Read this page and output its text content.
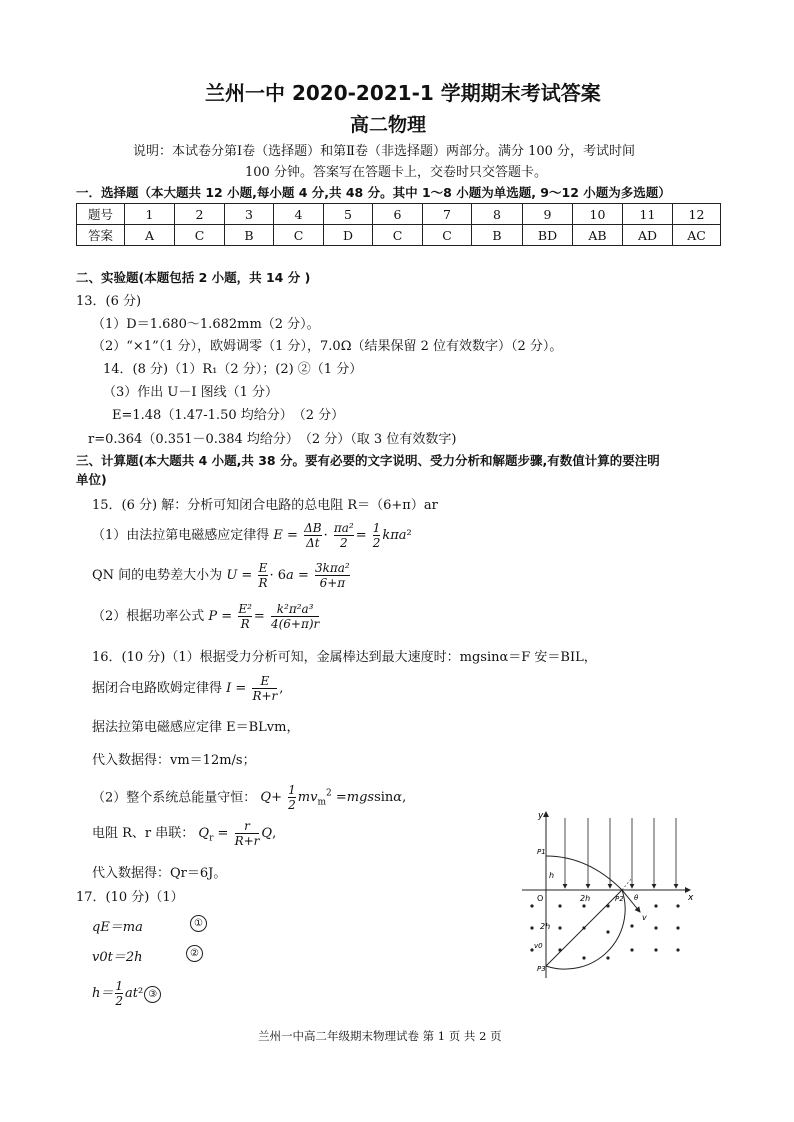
兰州一中 2020-2021-1 学期期末考试答案
高二物理
说明：本试卷分第Ⅰ卷（选择题）和第Ⅱ卷（非选择题）两部分。满分 100 分，考试时间
100 分钟。答案写在答题卡上，交卷时只交答题卡。
一．选择题（本大题共 12 小题,每小题 4 分,共 48 分。其中 1～8 小题为单选题, 9～12 小题为多选题）
题号	1	2	3	4	5	6	7	8	9	10	11	12
答案	A	C	B	C	D	C	C	B	BD	AB	AD	AC
二、实验题(本题包括 2 小题，共 14 分 )
13．(6 分)
（1）D＝1.680～1.682mm（2 分）。
（2）“×1”（1 分），欧姆调零（1 分），7.0Ω（结果保留 2 位有效数字）（2 分）。
14．(8 分)（1）R₁（2 分）；(2) ②（1 分）
（3）作出 U－I 图线（1 分）
E=1.48（1.47-1.50 均给分）　（2 分）
r=0.364（0.351－0.384 均给分）　（2 分）（取 3 位有效数字)
三、计算题(本大题共 4 小题,共 38 分。要有必要的文字说明、受力分析和解题步骤,有数值计算的要注明
单位)
15．(6 分) 解：分析可知闭合电路的总电阻 R＝（6+π）ar
（1）由法拉第电磁感应定律得 $E = \frac{\Delta B}{\Delta t} \cdot \frac{\text{πa²}}{2} = \frac{1}{2} k\pi a^2$
QN 间的电势差大小为 $U = \frac{E}{R} \cdot 6a = \frac{\text{3kπa²}}{6+\pi}$
（2）根据功率公式 $P = \frac{\text{E²}}{R} = \frac{\text{k²π²a³}}{4(6+\pi)r}$
16．(10 分)（1）根据受力分析可知，金属棒达到最大速度时：mgsinα＝F 安＝BIL，
据闭合电路欧姆定律得 $I = \frac{E}{R+r}$ ,
据法拉第电磁感应定律 E＝BLvm，
代入数据得：vm＝12m/s；
（2）整个系统总能量守恒： $Q+ \frac{1}{2} mv_m^2 =mgssin\alpha$,
电阻 R、r 串联： $Q_r = \frac{r}{R+r} Q$,
代入数据得：Qr＝6J。
17．(10 分)（1）
qE＝ma	①
v0t＝2h	②
$h= \frac{1}{2} at^2$ ③
y
x
O
h
2h
2h
P1
P2
P3
θ
v
v0
兰州一中高二年级期末物理试卷 第 1 页 共 2 页
